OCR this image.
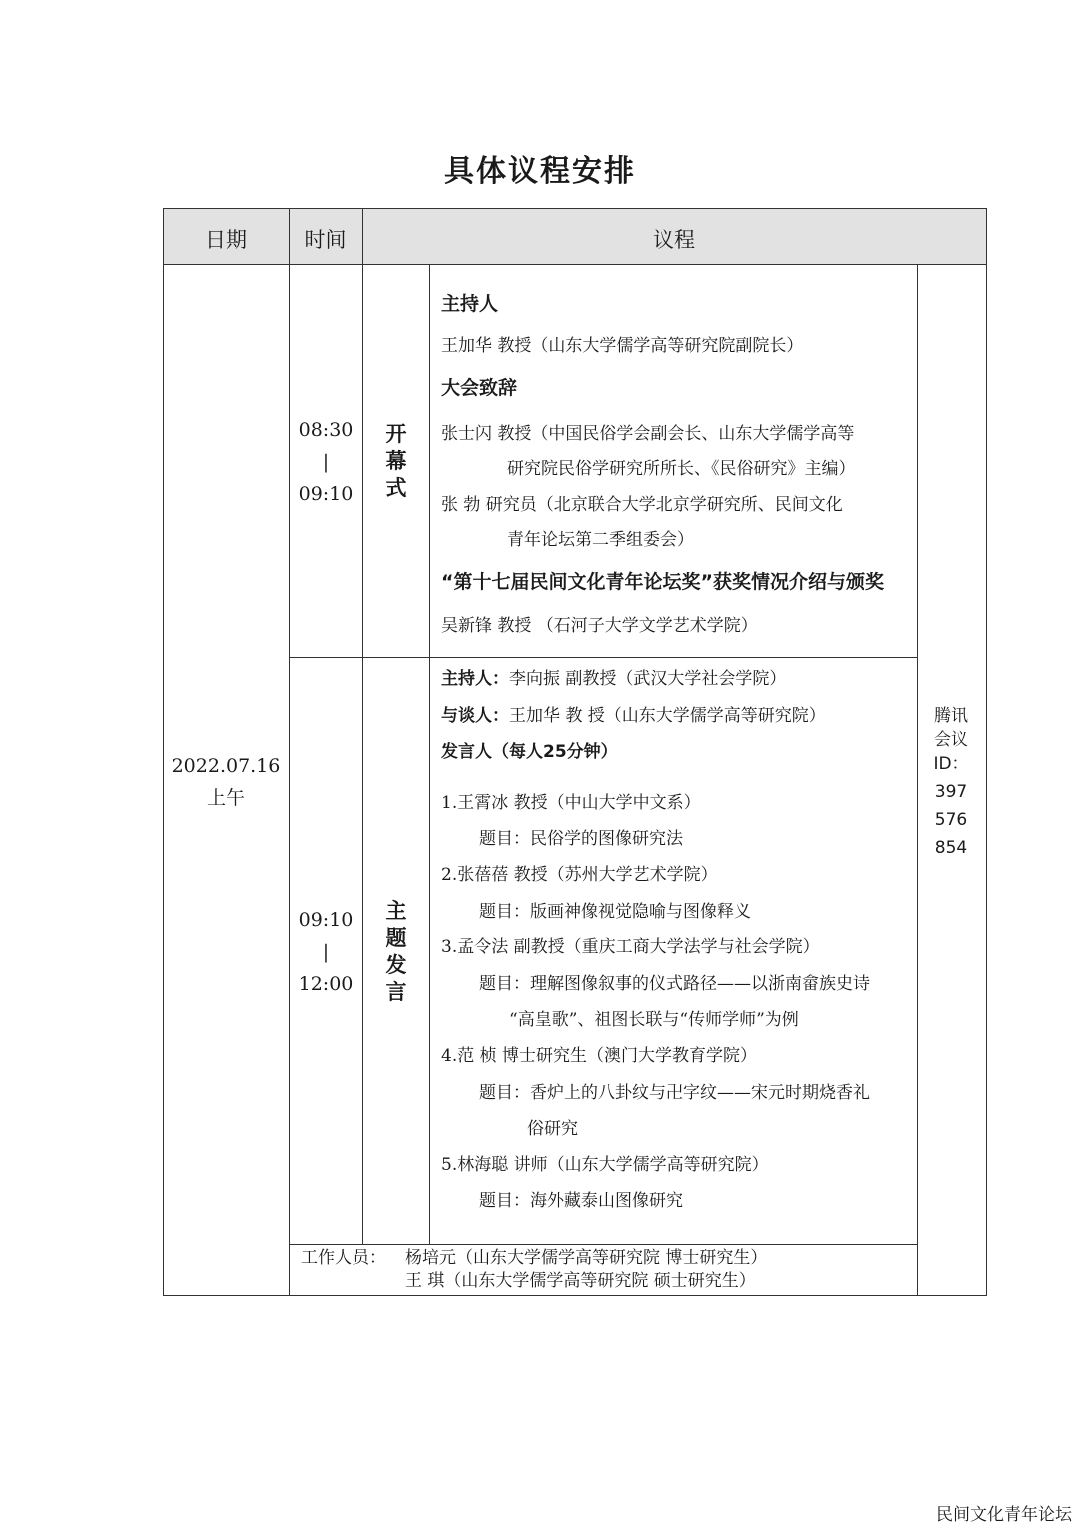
具体议程安排
日期	时间	议程
2022.07.16
上午
腾讯
会议
ID：
397
576
854
08:30
|
09:10
开
幕
式
主持人
王加华 教授（山东大学儒学高等研究院副院长）
大会致辞
张士闪 教授（中国民俗学会副会长、山东大学儒学高等
研究院民俗学研究所所长、《民俗研究》主编）
张 勃 研究员（北京联合大学北京学研究所、民间文化
青年论坛第二季组委会）
“第十七届民间文化青年论坛奖”获奖情况介绍与颁奖
吴新锋 教授 （石河子大学文学艺术学院）
09:10
|
12:00
主
题
发
言
主持人：李向振 副教授（武汉大学社会学院）
与谈人：王加华 教 授（山东大学儒学高等研究院）
发言人（每人25分钟）
1.王霄冰 教授（中山大学中文系）
题目：民俗学的图像研究法
2.张蓓蓓 教授（苏州大学艺术学院）
题目：版画神像视觉隐喻与图像释义
3.孟令法 副教授（重庆工商大学法学与社会学院）
题目：理解图像叙事的仪式路径——以浙南畲族史诗
“高皇歌”、祖图长联与“传师学师”为例
4.范 桢 博士研究生（澳门大学教育学院）
题目：香炉上的八卦纹与卍字纹——宋元时期烧香礼
俗研究
5.林海聪 讲师（山东大学儒学高等研究院）
题目：海外藏泰山图像研究
工作人员： 杨培元（山东大学儒学高等研究院 博士研究生）
王 琪（山东大学儒学高等研究院 硕士研究生）
民间文化青年论坛
